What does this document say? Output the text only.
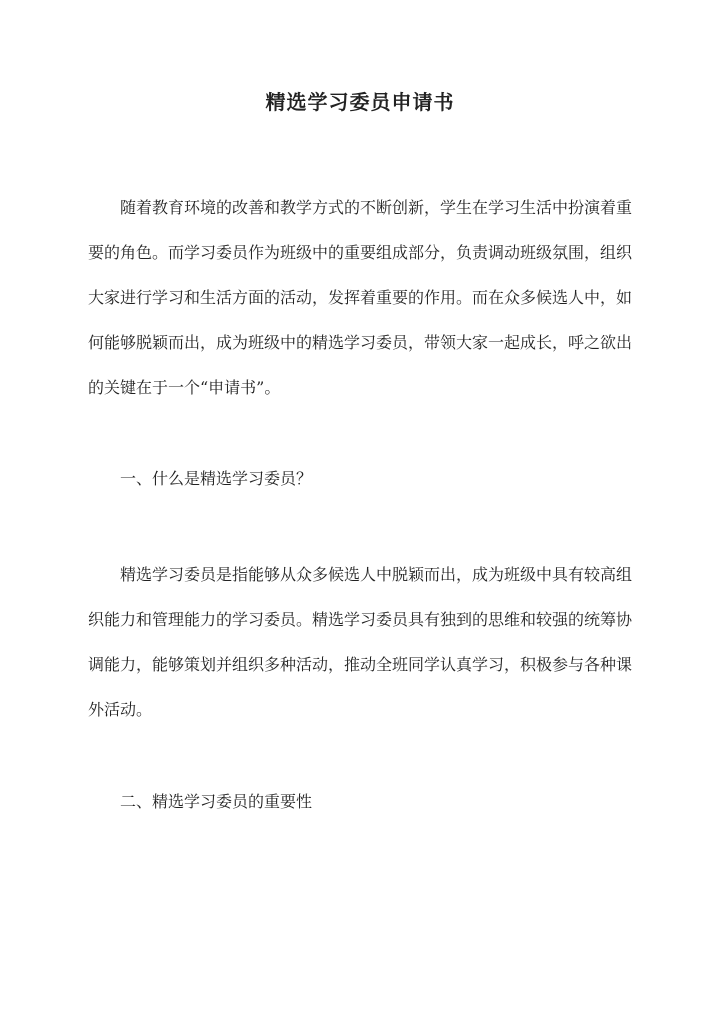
精选学习委员申请书

随着教育环境的改善和教学方式的不断创新，学生在学习生活中扮演着重要的角色。而学习委员作为班级中的重要组成部分，负责调动班级氛围，组织大家进行学习和生活方面的活动，发挥着重要的作用。而在众多候选人中，如何能够脱颖而出，成为班级中的精选学习委员，带领大家一起成长，呼之欲出的关键在于一个“申请书”。

一、什么是精选学习委员？

精选学习委员是指能够从众多候选人中脱颖而出，成为班级中具有较高组织能力和管理能力的学习委员。精选学习委员具有独到的思维和较强的统筹协调能力，能够策划并组织多种活动，推动全班同学认真学习，积极参与各种课外活动。

二、精选学习委员的重要性
